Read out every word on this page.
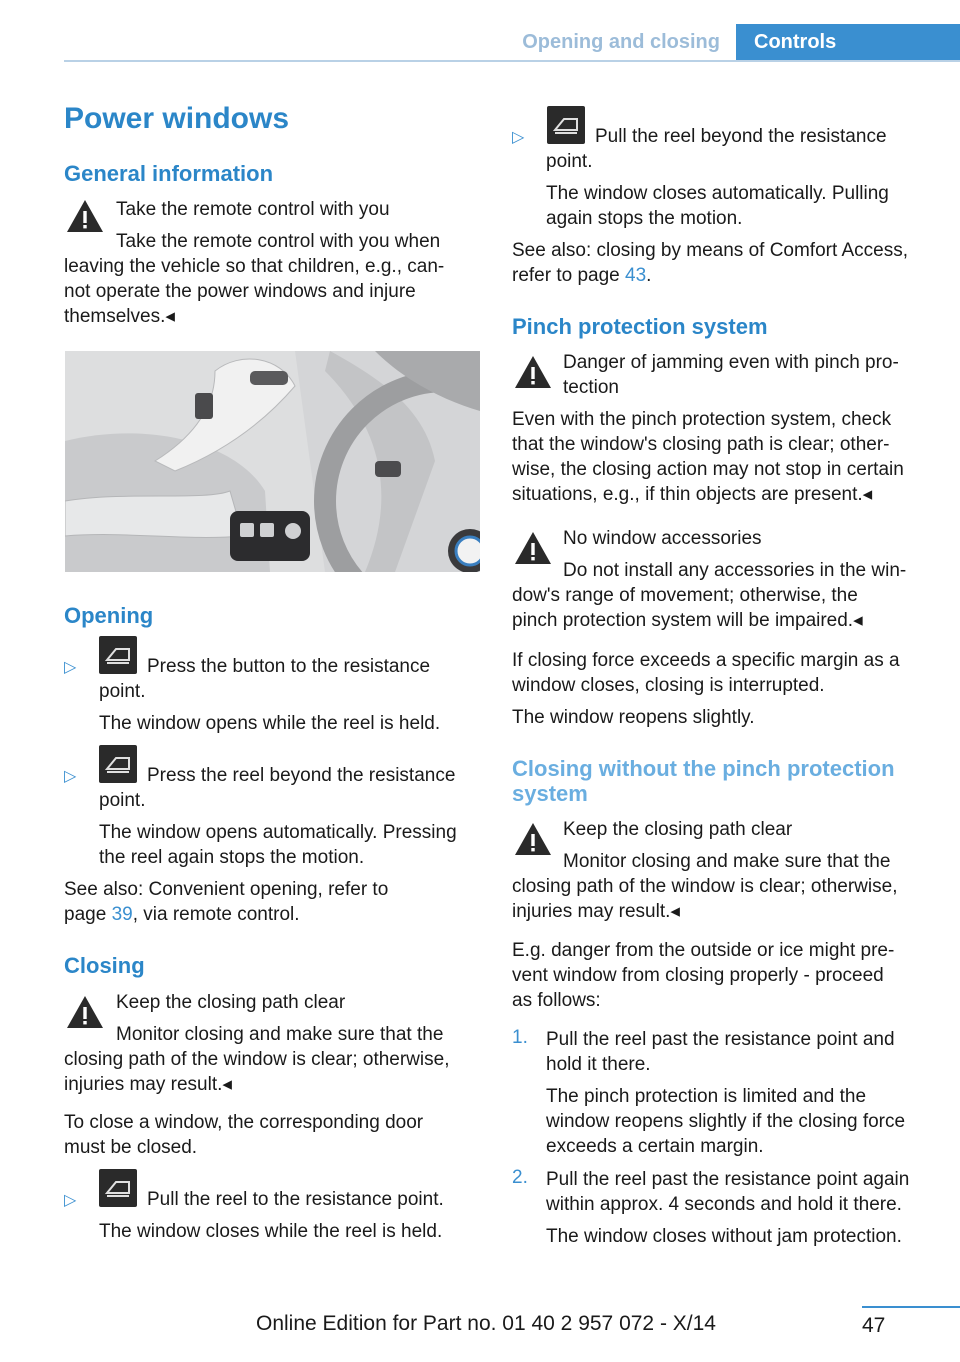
Opening and closing	Controls
Power windows
General information

Take the remote control with you

Take the remote control with you when

leaving the vehicle so that children, e.g., can-

not operate the power windows and injure

themselves.◂

Opening
▷	Press the button to the resistance

point.

The window opens while the reel is held.

▷	Press the reel beyond the resistance

point.

The window opens automatically. Pressing

the reel again stops the motion.

See also: Convenient opening, refer to

page 39, via remote control.

Closing

Keep the closing path clear

Monitor closing and make sure that the

closing path of the window is clear; otherwise,

injuries may result.◂

To close a window, the corresponding door

must be closed.

▷	Pull the reel to the resistance point.

The window closes while the reel is held.

▷	Pull the reel beyond the resistance

point.

The window closes automatically. Pulling

again stops the motion.

See also: closing by means of Comfort Access,

refer to page 43.

Pinch protection system

Danger of jamming even with pinch pro-

tection

Even with the pinch protection system, check

that the window's closing path is clear; other-

wise, the closing action may not stop in certain

situations, e.g., if thin objects are present.◂

No window accessories

Do not install any accessories in the win-

dow's range of movement; otherwise, the

pinch protection system will be impaired.◂

If closing force exceeds a specific margin as a

window closes, closing is interrupted.

The window reopens slightly.

Closing without the pinch protection
system

Keep the closing path clear

Monitor closing and make sure that the

closing path of the window is clear; otherwise,

injuries may result.◂

E.g. danger from the outside or ice might pre-

vent window from closing properly - proceed

as follows:

1. Pull the reel past the resistance point and

hold it there.

The pinch protection is limited and the

window reopens slightly if the closing force

exceeds a certain margin.

2. Pull the reel past the resistance point again

within approx. 4 seconds and hold it there.

The window closes without jam protection.

47
Online Edition for Part no. 01 40 2 957 072 - X/14
